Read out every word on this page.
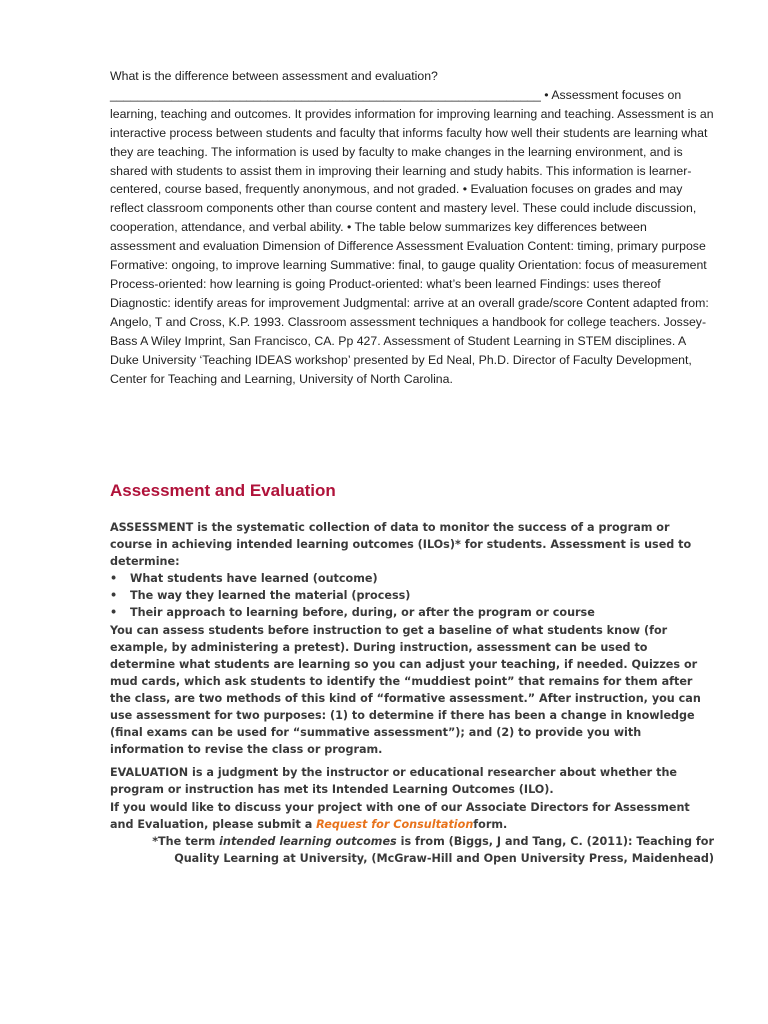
What is the difference between assessment and evaluation?

_______________________________________________________________ • Assessment focuses on learning, teaching and outcomes. It provides information for improving learning and teaching. Assessment is an interactive process between students and faculty that informs faculty how well their students are learning what they are teaching. The information is used by faculty to make changes in the learning environment, and is shared with students to assist them in improving their learning and study habits. This information is learner-centered, course based, frequently anonymous, and not graded. • Evaluation focuses on grades and may reflect classroom components other than course content and mastery level. These could include discussion, cooperation, attendance, and verbal ability. • The table below summarizes key differences between assessment and evaluation Dimension of Difference Assessment Evaluation Content: timing, primary purpose Formative: ongoing, to improve learning Summative: final, to gauge quality Orientation: focus of measurement Process-oriented: how learning is going Product-oriented: what’s been learned Findings: uses thereof Diagnostic: identify areas for improvement Judgmental: arrive at an overall grade/score Content adapted from: Angelo, T and Cross, K.P. 1993. Classroom assessment techniques a handbook for college teachers. Jossey-Bass A Wiley Imprint, San Francisco, CA. Pp 427. Assessment of Student Learning in STEM disciplines. A Duke University ‘Teaching IDEAS workshop’ presented by Ed Neal, Ph.D. Director of Faculty Development, Center for Teaching and Learning, University of North Carolina.

Assessment and Evaluation

ASSESSMENT is the systematic collection of data to monitor the success of a program or course in achieving intended learning outcomes (ILOs)* for students. Assessment is used to determine:

• What students have learned (outcome)
• The way they learned the material (process)
• Their approach to learning before, during, or after the program or course

You can assess students before instruction to get a baseline of what students know (for example, by administering a pretest). During instruction, assessment can be used to determine what students are learning so you can adjust your teaching, if needed. Quizzes or mud cards, which ask students to identify the “muddiest point” that remains for them after the class, are two methods of this kind of “formative assessment.” After instruction, you can use assessment for two purposes: (1) to determine if there has been a change in knowledge (final exams can be used for “summative assessment”); and (2) to provide you with information to revise the class or program.

EVALUATION is a judgment by the instructor or educational researcher about whether the program or instruction has met its Intended Learning Outcomes (ILO).

If you would like to discuss your project with one of our Associate Directors for Assessment and Evaluation, please submit a Request for Consultationform.

*The term intended learning outcomes is from (Biggs, J and Tang, C. (2011): Teaching for Quality Learning at University, (McGraw-Hill and Open University Press, Maidenhead)
